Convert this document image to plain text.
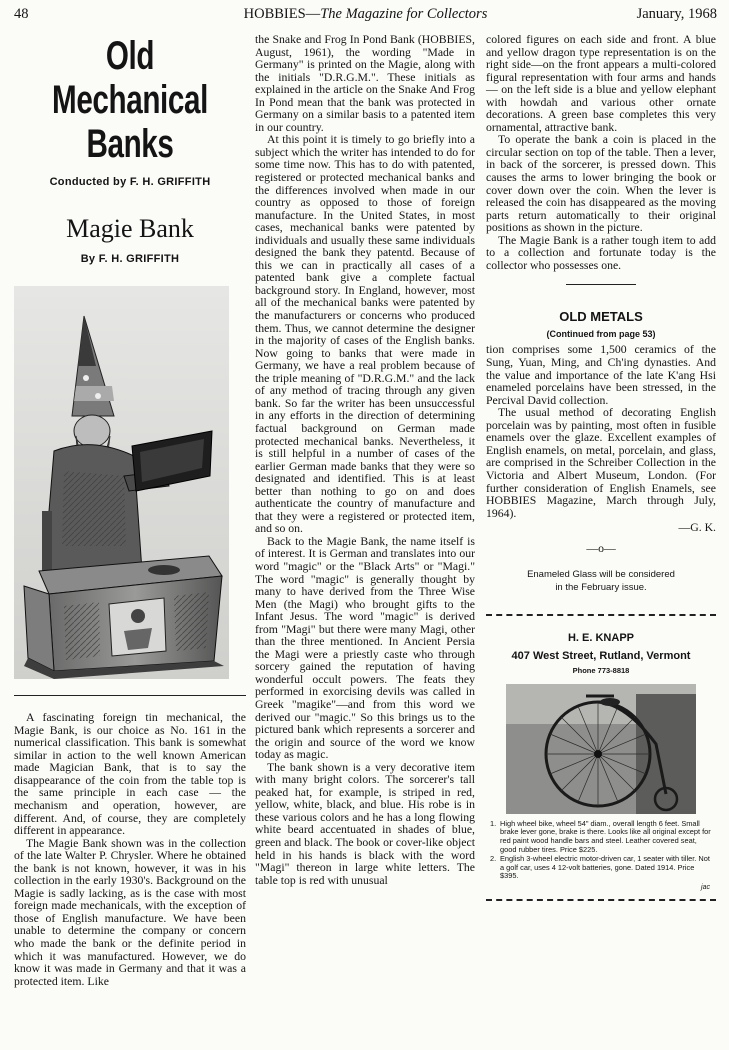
48	HOBBIES—The Magazine for Collectors	January, 1968
Old
Mechanical
Banks
Conducted by F. H. GRIFFITH
Magie Bank
By F. H. GRIFFITH

A fascinating foreign tin mechanical, the Magie Bank, is our choice as No. 161 in the numerical classification. This bank is somewhat similar in action to the well known American made Magician Bank, that is to say the disappearance of the coin from the table top is the same principle in each case — the mechanism and operation, however, are different. And, of course, they are completely different in appearance.

The Magie Bank shown was in the collection of the late Walter P. Chrysler. Where he obtained the bank is not known, however, it was in his collection in the early 1930's. Background on the Magie is sadly lacking, as is the case with most foreign made mechanicals, with the exception of those of English manufacture. We have been unable to determine the company or concern who made the bank or the definite period in which it was manufactured. However, we do know it was made in Germany and that it was a protected item. Like

the Snake and Frog In Pond Bank (HOBBIES, August, 1961), the wording "Made in Germany" is printed on the Magie, along with the initials "D.R.G.M.". These initials as explained in the article on the Snake And Frog In Pond mean that the bank was protected in Germany on a similar basis to a patented item in our country.

At this point it is timely to go briefly into a subject which the writer has intended to do for some time now. This has to do with patented, registered or protected mechanical banks and the differences involved when made in our country as opposed to those of foreign manufacture. In the United States, in most cases, mechanical banks were patented by individuals and usually these same individuals designed the bank they patentd. Because of this we can in practically all cases of a patented bank give a complete factual background story. In England, however, most all of the mechanical banks were patented by the manufacturers or concerns who produced them. Thus, we cannot determine the designer in the majority of cases of the English banks. Now going to banks that were made in Germany, we have a real problem because of the triple meaning of "D.R.G.M." and the lack of any method of tracing through any given bank. So far the writer has been unsuccessful in any efforts in the direction of determining factual background on German made protected mechanical banks. Nevertheless, it is still helpful in a number of cases of the earlier German made banks that they were so designated and identified. This is at least better than nothing to go on and does authenticate the country of manufacture and that they were a registered or protected item, and so on.

Back to the Magie Bank, the name itself is of interest. It is German and translates into our word "magic" or the "Black Arts" or "Magi." The word "magic" is generally thought by many to have derived from the Three Wise Men (the Magi) who brought gifts to the Infant Jesus. The word "magic" is derived from "Magi" but there were many Magi, other than the three mentioned. In Ancient Persia the Magi were a priestly caste who through sorcery gained the reputation of having wonderful occult powers. The feats they performed in exorcising devils was called in Greek "magike"—and from this word we derived our "magic." So this brings us to the pictured bank which represents a sorcerer and the origin and source of the word we know today as magic.

The bank shown is a very decorative item with many bright colors. The sorcerer's tall peaked hat, for example, is striped in red, yellow, white, black, and blue. His robe is in these various colors and he has a long flowing white beard accentuated in shades of blue, green and black. The book or cover-like object held in his hands is black with the word "Magi" thereon in large white letters. The table top is red with unusual

colored figures on each side and front. A blue and yellow dragon type representation is on the right side—on the front appears a multi-colored figural representation with four arms and hands — on the left side is a blue and yellow elephant with howdah and various other ornate decorations. A green base completes this very ornamental, attractive bank.

To operate the bank a coin is placed in the circular section on top of the table. Then a lever, in back of the sorcerer, is pressed down. This causes the arms to lower bringing the book or cover down over the coin. When the lever is released the coin has disappeared as the moving parts return automatically to their original positions as shown in the picture.

The Magie Bank is a rather tough item to add to a collection and fortunate today is the collector who possesses one.

OLD METALS
(Continued from page 53)

tion comprises some 1,500 ceramics of the Sung, Yuan, Ming, and Ch'ing dynasties. And the value and importance of the late K'ang Hsi enameled porcelains have been stressed, in the Percival David collection.

The usual method of decorating English porcelain was by painting, most often in fusible enamels over the glaze. Excellent examples of English enamels, on metal, porcelain, and glass, are comprised in the Schreiber Collection in the Victoria and Albert Museum, London. (For further consideration of English Enamels, see HOBBIES Magazine, March through July, 1964).

—G. K.
—o—
Enameled Glass will be considered
in the February issue.
H. E. KNAPP
407 West Street, Rutland, Vermont
Phone 773-8818
1. High wheel bike, wheel 54" diam., overall length 6 feet. Small brake lever gone, brake is there. Looks like all original except for red paint wood handle bars and steel. Leather covered seat, good rubber tires. Price $225.
2. English 3-wheel electric motor-driven car, 1 seater with tiller. Not a golf car, uses 4 12-volt batteries, gone. Dated 1914. Price $395.
jac
